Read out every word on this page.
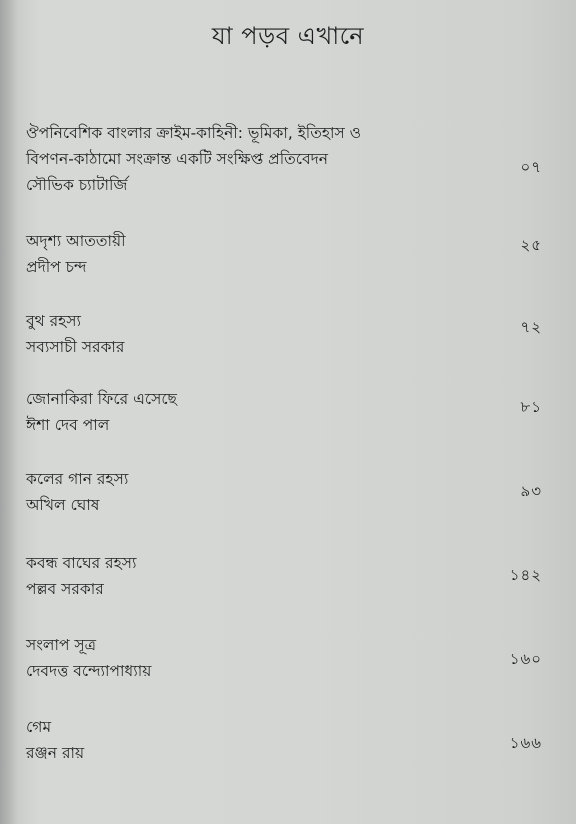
যা পড়ব এখানে
ঔপনিবেশিক বাংলার ক্রাইম-কাহিনী: ভূমিকা, ইতিহাস ও
বিপণন-কাঠামো সংক্রান্ত একটি সংক্ষিপ্ত প্রতিবেদন
সৌভিক চ্যাটার্জি
০৭
অদৃশ্য আততায়ী
প্রদীপ চন্দ
২৫
বুথ রহস্য
সব্যসাচী সরকার
৭২
জোনাকিরা ফিরে এসেছে
ঈশা দেব পাল
৮১
কলের গান রহস্য
অখিল ঘোষ
৯৩
কবন্ধ বাঘের রহস্য
পল্লব সরকার
১৪২
সংলাপ সূত্র
দেবদত্ত বন্দ্যোপাধ্যায়
১৬০
গেম
রঞ্জন রায়
১৬৬
